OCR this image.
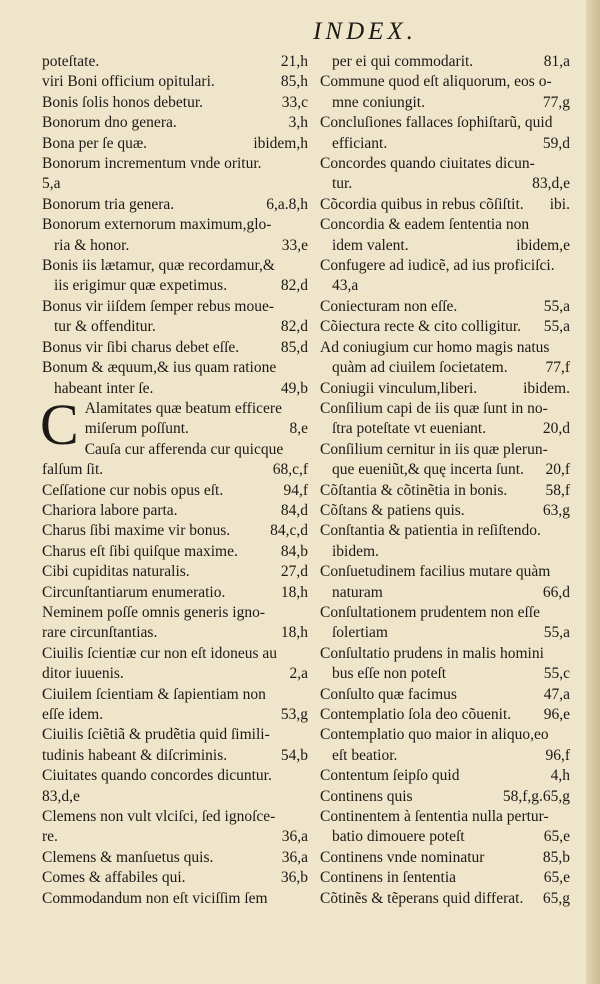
INDEX.
poteſtate.	21,h
viri Boni officium opitulari.	85,h
Bonis ſolis honos debetur.	33,c
Bonorum dno genera.	3,h
Bona per ſe quæ.	ibidem,h
Bonorum incrementum vnde oritur.
5,a
Bonorum tria genera.	6,a.8,h
Bonorum externorum maximum,glo-
ria & honor.	33,e
Bonis iis lætamur, quæ recordamur,&
iis erigimur quæ expetimus.	82,d
Bonus vir iiſdem ſemper rebus moue-
tur & offenditur.	82,d
Bonus vir ſibi charus debet eſſe.	85,d
Bonum & æquum,& ius quam ratione
habeant inter ſe.	49,b
C Alamitates quæ beatum efficere
miſerum poſſunt.	8,e
Cauſa cur afferenda cur quicque
falſum ſit.	68,c,f
Ceſſatione cur nobis opus eſt.	94,f
Chariora labore parta.	84,d
Charus ſibi maxime vir bonus.	84,c,d
Charus eſt ſibi quiſque maxime.	84,b
Cibi cupiditas naturalis.	27,d
Circunſtantiarum enumeratio.	18,h
Neminem poſſe omnis generis igno-
rare circunſtantias.	18,h
Ciuilis ſcientiæ cur non eſt idoneus au
ditor iuuenis.	2,a
Ciuilem ſcientiam & ſapientiam non
eſſe idem.	53,g
Ciuilis ſciẽtiã & prudẽtia quid ſimili-
tudinis habeant & diſcriminis.	54,b
Ciuitates quando concordes dicuntur.
83,d,e
Clemens non vult vlciſci, ſed ignoſce-
re.	36,a
Clemens & manſuetus quis.	36,a
Comes & affabiles qui.	36,b
Commodandum non eſt viciſſim ſem
per ei qui commodarit.	81,a
Commune quod eſt aliquorum, eos o-
mne coniungit.	77,g
Concluſiones fallaces ſophiſtarũ, quid
efficiant.	59,d
Concordes quando ciuitates dicun-
tur.	83,d,e
Cõcordia quibus in rebus cõſiſtit.	ibi.
Concordia & eadem ſententia non
idem valent.	ibidem,e
Confugere ad iudicẽ, ad ius proficiſci.
43,a
Coniecturam non eſſe.	55,a
Cõiectura recte & cito colligitur.	55,a
Ad coniugium cur homo magis natus
quàm ad ciuilem ſocietatem.	77,f
Coniugii vinculum,liberi.	ibidem.
Conſilium capi de iis quæ ſunt in no-
ſtra poteſtate vt eueniant.	20,d
Conſilium cernitur in iis quæ plerun-
que eueniũt,& quę incerta ſunt.	20,f
Cõſtantia & cõtinẽtia in bonis.	58,f
Cõſtans & patiens quis.	63,g
Conſtantia & patientia in reſiſtendo.
ibidem.
Conſuetudinem facilius mutare quàm
naturam	66,d
Conſultationem prudentem non eſſe
ſolertiam	55,a
Conſultatio prudens in malis homini
bus eſſe non poteſt	55,c
Conſulto quæ facimus	47,a
Contemplatio ſola deo cõuenit.	96,e
Contemplatio quo maior in aliquo,eo
eſt beatior.	96,f
Contentum ſeipſo quid	4,h
Continens quis	58,f,g.65,g
Continentem à ſententia nulla pertur-
batio dimouere poteſt	65,e
Continens vnde nominatur	85,b
Continens in ſententia	65,e
Cõtinẽs & tẽperans quid differat.	65,g
